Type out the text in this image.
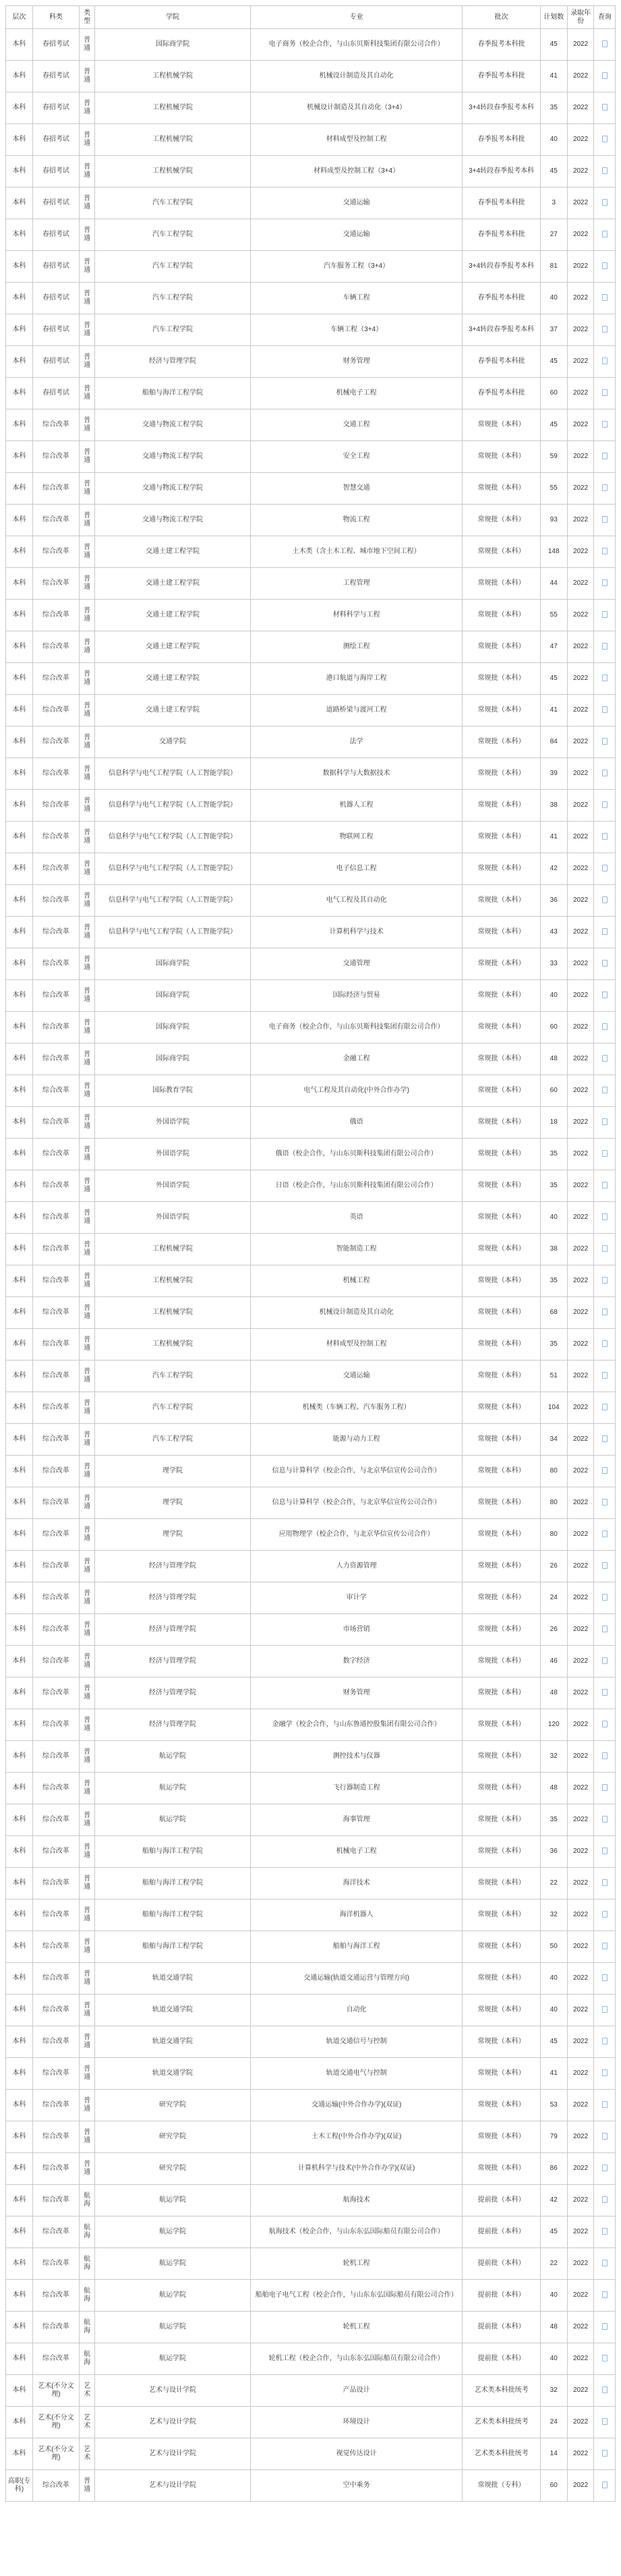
层次	科类	类型	学院	专业	批次	计划数	录取年份	查询
本科	春招考试	普通	国际商学院	电子商务（校企合作，与山东贝斯科技集团有限公司合作）	春季报考本科批	45	2022	
本科	春招考试	普通	工程机械学院	机械设计制造及其自动化	春季报考本科批	41	2022	
本科	春招考试	普通	工程机械学院	机械设计制造及其自动化（3+4）	3+4转段春季报考本科	35	2022	
本科	春招考试	普通	工程机械学院	材料成型及控制工程	春季报考本科批	40	2022	
本科	春招考试	普通	工程机械学院	材料成型及控制工程（3+4）	3+4转段春季报考本科	45	2022	
本科	春招考试	普通	汽车工程学院	交通运输	春季报考本科批	3	2022	
本科	春招考试	普通	汽车工程学院	交通运输	春季报考本科批	27	2022	
本科	春招考试	普通	汽车工程学院	汽车服务工程（3+4）	3+4转段春季报考本科	81	2022	
本科	春招考试	普通	汽车工程学院	车辆工程	春季报考本科批	40	2022	
本科	春招考试	普通	汽车工程学院	车辆工程（3+4）	3+4转段春季报考本科	37	2022	
本科	春招考试	普通	经济与管理学院	财务管理	春季报考本科批	45	2022	
本科	春招考试	普通	船舶与海洋工程学院	机械电子工程	春季报考本科批	60	2022	
本科	综合改革	普通	交通与物流工程学院	交通工程	常规批（本科）	45	2022	
本科	综合改革	普通	交通与物流工程学院	安全工程	常规批（本科）	59	2022	
本科	综合改革	普通	交通与物流工程学院	智慧交通	常规批（本科）	55	2022	
本科	综合改革	普通	交通与物流工程学院	物流工程	常规批（本科）	93	2022	
本科	综合改革	普通	交通土建工程学院	土木类（含土木工程、城市地下空间工程）	常规批（本科）	148	2022	
本科	综合改革	普通	交通土建工程学院	工程管理	常规批（本科）	44	2022	
本科	综合改革	普通	交通土建工程学院	材料科学与工程	常规批（本科）	55	2022	
本科	综合改革	普通	交通土建工程学院	测绘工程	常规批（本科）	47	2022	
本科	综合改革	普通	交通土建工程学院	港口航道与海岸工程	常规批（本科）	45	2022	
本科	综合改革	普通	交通土建工程学院	道路桥梁与渡河工程	常规批（本科）	41	2022	
本科	综合改革	普通	交通学院	法学	常规批（本科）	84	2022	
本科	综合改革	普通	信息科学与电气工程学院（人工智能学院）	数据科学与大数据技术	常规批（本科）	39	2022	
本科	综合改革	普通	信息科学与电气工程学院（人工智能学院）	机器人工程	常规批（本科）	38	2022	
本科	综合改革	普通	信息科学与电气工程学院（人工智能学院）	物联网工程	常规批（本科）	41	2022	
本科	综合改革	普通	信息科学与电气工程学院（人工智能学院）	电子信息工程	常规批（本科）	42	2022	
本科	综合改革	普通	信息科学与电气工程学院（人工智能学院）	电气工程及其自动化	常规批（本科）	36	2022	
本科	综合改革	普通	信息科学与电气工程学院（人工智能学院）	计算机科学与技术	常规批（本科）	43	2022	
本科	综合改革	普通	国际商学院	交通管理	常规批（本科）	33	2022	
本科	综合改革	普通	国际商学院	国际经济与贸易	常规批（本科）	40	2022	
本科	综合改革	普通	国际商学院	电子商务（校企合作，与山东贝斯科技集团有限公司合作）	常规批（本科）	60	2022	
本科	综合改革	普通	国际商学院	金融工程	常规批（本科）	48	2022	
本科	综合改革	普通	国际教育学院	电气工程及其自动化(中外合作办学)	常规批（本科）	60	2022	
本科	综合改革	普通	外国语学院	俄语	常规批（本科）	18	2022	
本科	综合改革	普通	外国语学院	俄语（校企合作，与山东贝斯科技集团有限公司合作）	常规批（本科）	35	2022	
本科	综合改革	普通	外国语学院	日语（校企合作，与山东贝斯科技集团有限公司合作）	常规批（本科）	35	2022	
本科	综合改革	普通	外国语学院	英语	常规批（本科）	40	2022	
本科	综合改革	普通	工程机械学院	智能制造工程	常规批（本科）	38	2022	
本科	综合改革	普通	工程机械学院	机械工程	常规批（本科）	35	2022	
本科	综合改革	普通	工程机械学院	机械设计制造及其自动化	常规批（本科）	68	2022	
本科	综合改革	普通	工程机械学院	材料成型及控制工程	常规批（本科）	35	2022	
本科	综合改革	普通	汽车工程学院	交通运输	常规批（本科）	51	2022	
本科	综合改革	普通	汽车工程学院	机械类（车辆工程、汽车服务工程）	常规批（本科）	104	2022	
本科	综合改革	普通	汽车工程学院	能源与动力工程	常规批（本科）	34	2022	
本科	综合改革	普通	理学院	信息与计算科学（校企合作，与北京华信宣传公司合作）	常规批（本科）	80	2022	
本科	综合改革	普通	理学院	信息与计算科学（校企合作，与北京华信宣传公司合作）	常规批（本科）	80	2022	
本科	综合改革	普通	理学院	应用物理学（校企合作，与北京华信宣传公司合作）	常规批（本科）	80	2022	
本科	综合改革	普通	经济与管理学院	人力资源管理	常规批（本科）	26	2022	
本科	综合改革	普通	经济与管理学院	审计学	常规批（本科）	24	2022	
本科	综合改革	普通	经济与管理学院	市场营销	常规批（本科）	26	2022	
本科	综合改革	普通	经济与管理学院	数字经济	常规批（本科）	46	2022	
本科	综合改革	普通	经济与管理学院	财务管理	常规批（本科）	48	2022	
本科	综合改革	普通	经济与管理学院	金融学（校企合作，与山东鲁通控股集团有限公司合作）	常规批（本科）	120	2022	
本科	综合改革	普通	航运学院	测控技术与仪器	常规批（本科）	32	2022	
本科	综合改革	普通	航运学院	飞行器制造工程	常规批（本科）	48	2022	
本科	综合改革	普通	航运学院	海事管理	常规批（本科）	35	2022	
本科	综合改革	普通	船舶与海洋工程学院	机械电子工程	常规批（本科）	36	2022	
本科	综合改革	普通	船舶与海洋工程学院	海洋技术	常规批（本科）	22	2022	
本科	综合改革	普通	船舶与海洋工程学院	海洋机器人	常规批（本科）	32	2022	
本科	综合改革	普通	船舶与海洋工程学院	船舶与海洋工程	常规批（本科）	50	2022	
本科	综合改革	普通	轨道交通学院	交通运输(轨道交通运营与管理方向)	常规批（本科）	40	2022	
本科	综合改革	普通	轨道交通学院	自动化	常规批（本科）	40	2022	
本科	综合改革	普通	轨道交通学院	轨道交通信号与控制	常规批（本科）	45	2022	
本科	综合改革	普通	轨道交通学院	轨道交通电气与控制	常规批（本科）	41	2022	
本科	综合改革	普通	研究学院	交通运输(中外合作办学)(双证)	常规批（本科）	53	2022	
本科	综合改革	普通	研究学院	土木工程(中外合作办学)(双证)	常规批（本科）	79	2022	
本科	综合改革	普通	研究学院	计算机科学与技术(中外合作办学)(双证)	常规批（本科）	86	2022	
本科	综合改革	航海	航运学院	航海技术	提前批（本科）	42	2022	
本科	综合改革	航海	航运学院	航海技术（校企合作，与山东东弘国际船员有限公司合作）	提前批（本科）	45	2022	
本科	综合改革	航海	航运学院	轮机工程	提前批（本科）	22	2022	
本科	综合改革	航海	航运学院	船舶电子电气工程（校企合作，与山东东弘国际船员有限公司合作）	提前批（本科）	40	2022	
本科	综合改革	航海	航运学院	轮机工程	提前批（本科）	48	2022	
本科	综合改革	航海	航运学院	轮机工程（校企合作，与山东东弘国际船员有限公司合作）	提前批（本科）	40	2022	
本科	艺术(不分文理)	艺术	艺术与设计学院	产品设计	艺术类本科批统考	32	2022	
本科	艺术(不分文理)	艺术	艺术与设计学院	环境设计	艺术类本科批统考	24	2022	
本科	艺术(不分文理)	艺术	艺术与设计学院	视觉传达设计	艺术类本科批统考	14	2022	
高职(专科)	综合改革	普通	艺术与设计学院	空中乘务	常规批（专科）	60	2022	
